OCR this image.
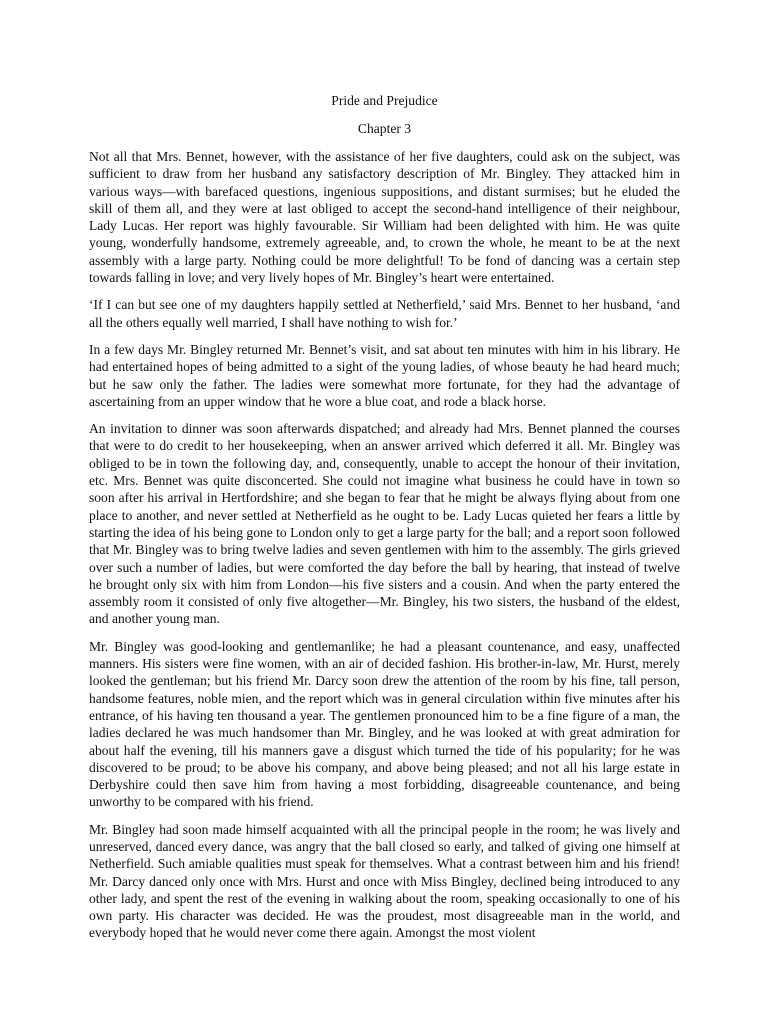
Pride and Prejudice
Chapter 3

Not all that Mrs. Bennet, however, with the assistance of her five daughters, could ask on the subject, was sufficient to draw from her husband any satisfactory description of Mr. Bingley. They attacked him in various ways—with barefaced questions, ingenious suppositions, and distant surmises; but he eluded the skill of them all, and they were at last obliged to accept the second-hand intelligence of their neighbour, Lady Lucas. Her report was highly favourable. Sir William had been delighted with him. He was quite young, wonderfully handsome, extremely agreeable, and, to crown the whole, he meant to be at the next assembly with a large party. Nothing could be more delightful! To be fond of dancing was a certain step towards falling in love; and very lively hopes of Mr. Bingley’s heart were entertained.

‘If I can but see one of my daughters happily settled at Netherfield,’ said Mrs. Bennet to her husband, ‘and all the others equally well married, I shall have nothing to wish for.’

In a few days Mr. Bingley returned Mr. Bennet’s visit, and sat about ten minutes with him in his library. He had entertained hopes of being admitted to a sight of the young ladies, of whose beauty he had heard much; but he saw only the father. The ladies were somewhat more fortunate, for they had the advantage of ascertaining from an upper window that he wore a blue coat, and rode a black horse.

An invitation to dinner was soon afterwards dispatched; and already had Mrs. Bennet planned the courses that were to do credit to her housekeeping, when an answer arrived which deferred it all. Mr. Bingley was obliged to be in town the following day, and, consequently, unable to accept the honour of their invitation, etc. Mrs. Bennet was quite disconcerted. She could not imagine what business he could have in town so soon after his arrival in Hertfordshire; and she began to fear that he might be always flying about from one place to another, and never settled at Netherfield as he ought to be. Lady Lucas quieted her fears a little by starting the idea of his being gone to London only to get a large party for the ball; and a report soon followed that Mr. Bingley was to bring twelve ladies and seven gentlemen with him to the assembly. The girls grieved over such a number of ladies, but were comforted the day before the ball by hearing, that instead of twelve he brought only six with him from London—his five sisters and a cousin. And when the party entered the assembly room it consisted of only five altogether—Mr. Bingley, his two sisters, the husband of the eldest, and another young man.

Mr. Bingley was good-looking and gentlemanlike; he had a pleasant countenance, and easy, unaffected manners. His sisters were fine women, with an air of decided fashion. His brother-in-law, Mr. Hurst, merely looked the gentleman; but his friend Mr. Darcy soon drew the attention of the room by his fine, tall person, handsome features, noble mien, and the report which was in general circulation within five minutes after his entrance, of his having ten thousand a year. The gentlemen pronounced him to be a fine figure of a man, the ladies declared he was much handsomer than Mr. Bingley, and he was looked at with great admiration for about half the evening, till his manners gave a disgust which turned the tide of his popularity; for he was discovered to be proud; to be above his company, and above being pleased; and not all his large estate in Derbyshire could then save him from having a most forbidding, disagreeable countenance, and being unworthy to be compared with his friend.

Mr. Bingley had soon made himself acquainted with all the principal people in the room; he was lively and unreserved, danced every dance, was angry that the ball closed so early, and talked of giving one himself at Netherfield. Such amiable qualities must speak for themselves. What a contrast between him and his friend! Mr. Darcy danced only once with Mrs. Hurst and once with Miss Bingley, declined being introduced to any other lady, and spent the rest of the evening in walking about the room, speaking occasionally to one of his own party. His character was decided. He was the proudest, most disagreeable man in the world, and everybody hoped that he would never come there again. Amongst the most violent
